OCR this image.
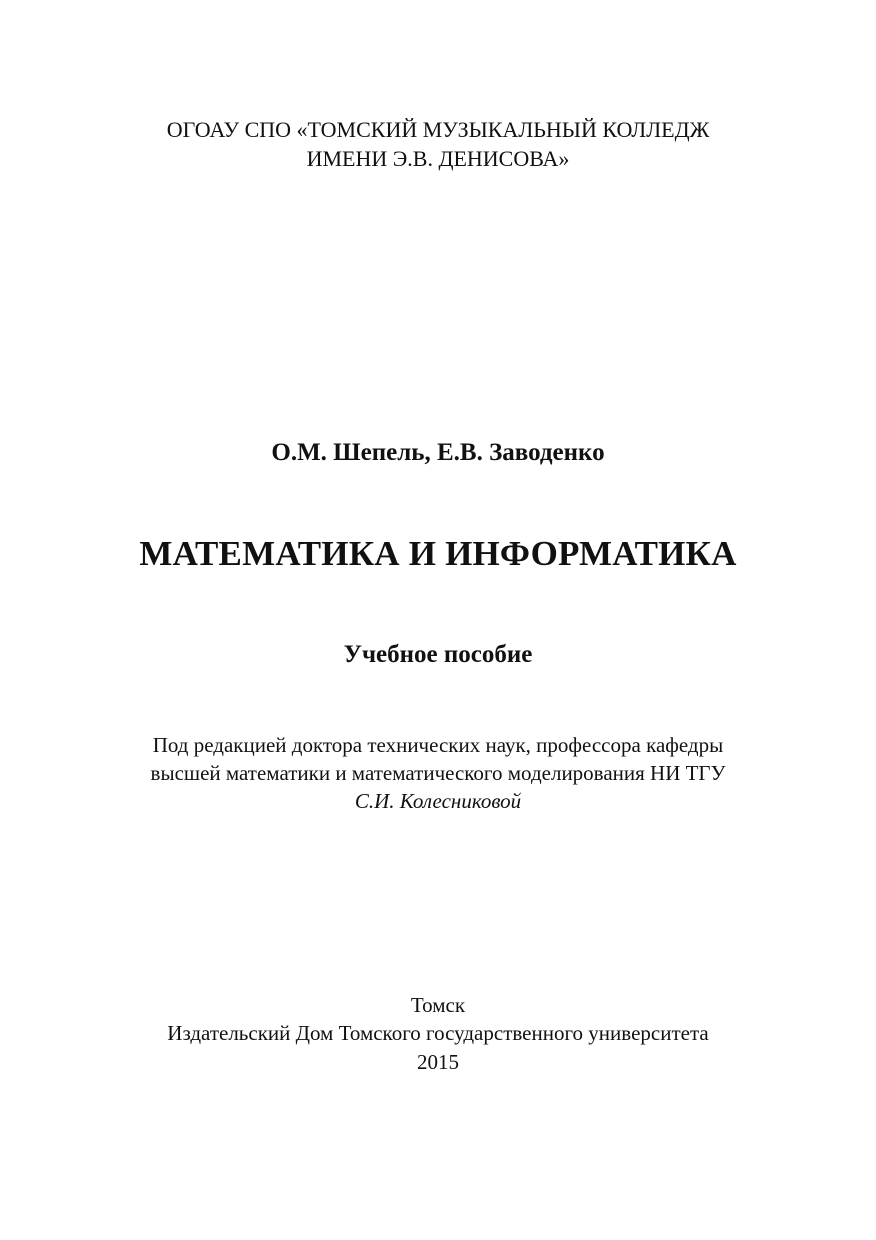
ОГОАУ СПО «ТОМСКИЙ МУЗЫКАЛЬНЫЙ КОЛЛЕДЖ
ИМЕНИ Э.В. ДЕНИСОВА»
О.М. Шепель, Е.В. Заводенко
МАТЕМАТИКА И ИНФОРМАТИКА
Учебное пособие
Под редакцией доктора технических наук, профессора кафедры
высшей математики и математического моделирования НИ ТГУ
С.И. Колесниковой
Томск
Издательский Дом Томского государственного университета
2015
